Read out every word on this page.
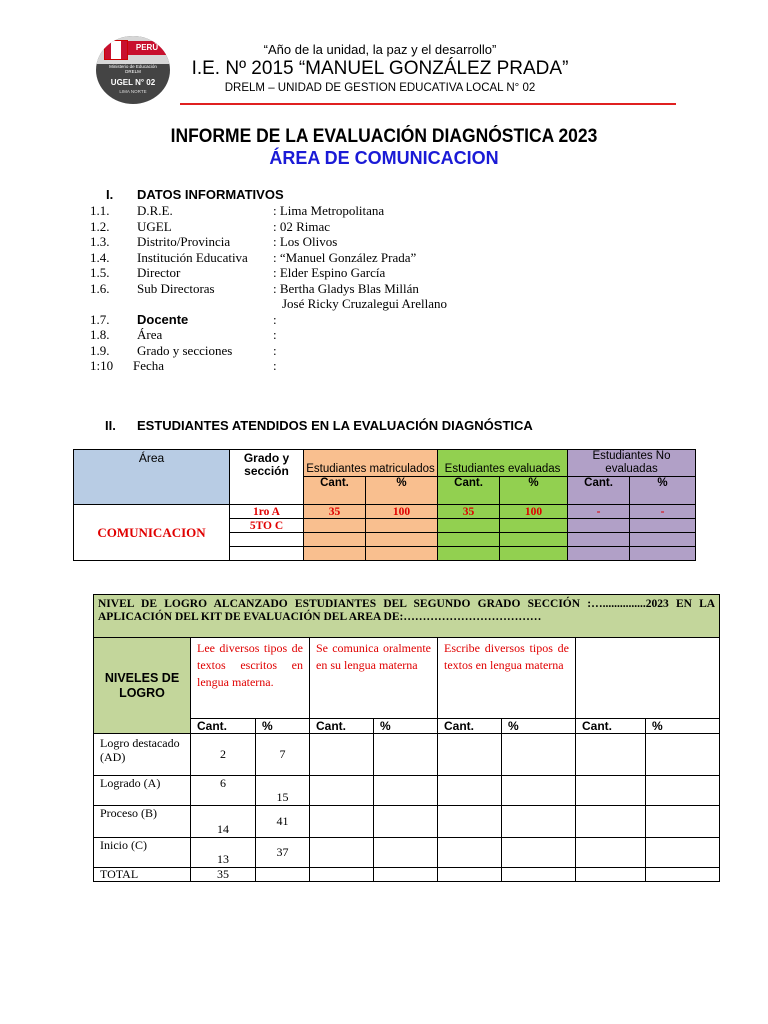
PERÚ
Ministerio de Educación
DRELM
UGEL N° 02
LIMA NORTE
“Año de la unidad, la paz y el desarrollo”
I.E. Nº 2015 “MANUEL GONZÁLEZ PRADA”
DRELM – UNIDAD DE GESTION EDUCATIVA LOCAL N° 02
INFORME DE LA EVALUACIÓN DIAGNÓSTICA 2023
ÁREA DE COMUNICACION
I. DATOS INFORMATIVOS
1.1. D.R.E.	: Lima Metropolitana
1.2. UGEL	: 02 Rimac
1.3. Distrito/Provincia	: Los Olivos
1.4. Institución Educativa : “Manuel González Prada”
1.5. Director	: Elder Espino García
1.6. Sub Directoras	: Bertha Gladys Blas Millán
José Ricky Cruzalegui Arellano
1.7. Docente	:
1.8. Área	:
1.9. Grado y secciones	:
1:10 Fecha	:
II. ESTUDIANTES ATENDIDOS EN LA EVALUACIÓN DIAGNÓSTICA
Área	Grado y sección	Estudiantes matriculados		Estudiantes evaluadas		Estudiantes No evaluadas	
		Cant.	%	Cant.	%	Cant.	%
COMUNICACION	1ro A	35	100	35	100	-	-
	5TO C						

NIVEL DE LOGRO ALCANZADO ESTUDIANTES DEL SEGUNDO GRADO SECCIÓN :…...............2023 EN LA APLICACIÓN DEL KIT DE EVALUACIÓN DEL AREA DE:………………………………								
NIVELES DE LOGRO	Lee diversos tipos de textos escritos en lengua materna.		Se comunica oralmente en su lengua materna		Escribe diversos tipos de textos en lengua materna			
	Cant.	%	Cant.	%	Cant.	%	Cant.	%
Logro destacado (AD)	2	7						
Logrado (A)	6	15						
Proceso (B)	14	41						
Inicio (C)	13	37						
TOTAL	35							
